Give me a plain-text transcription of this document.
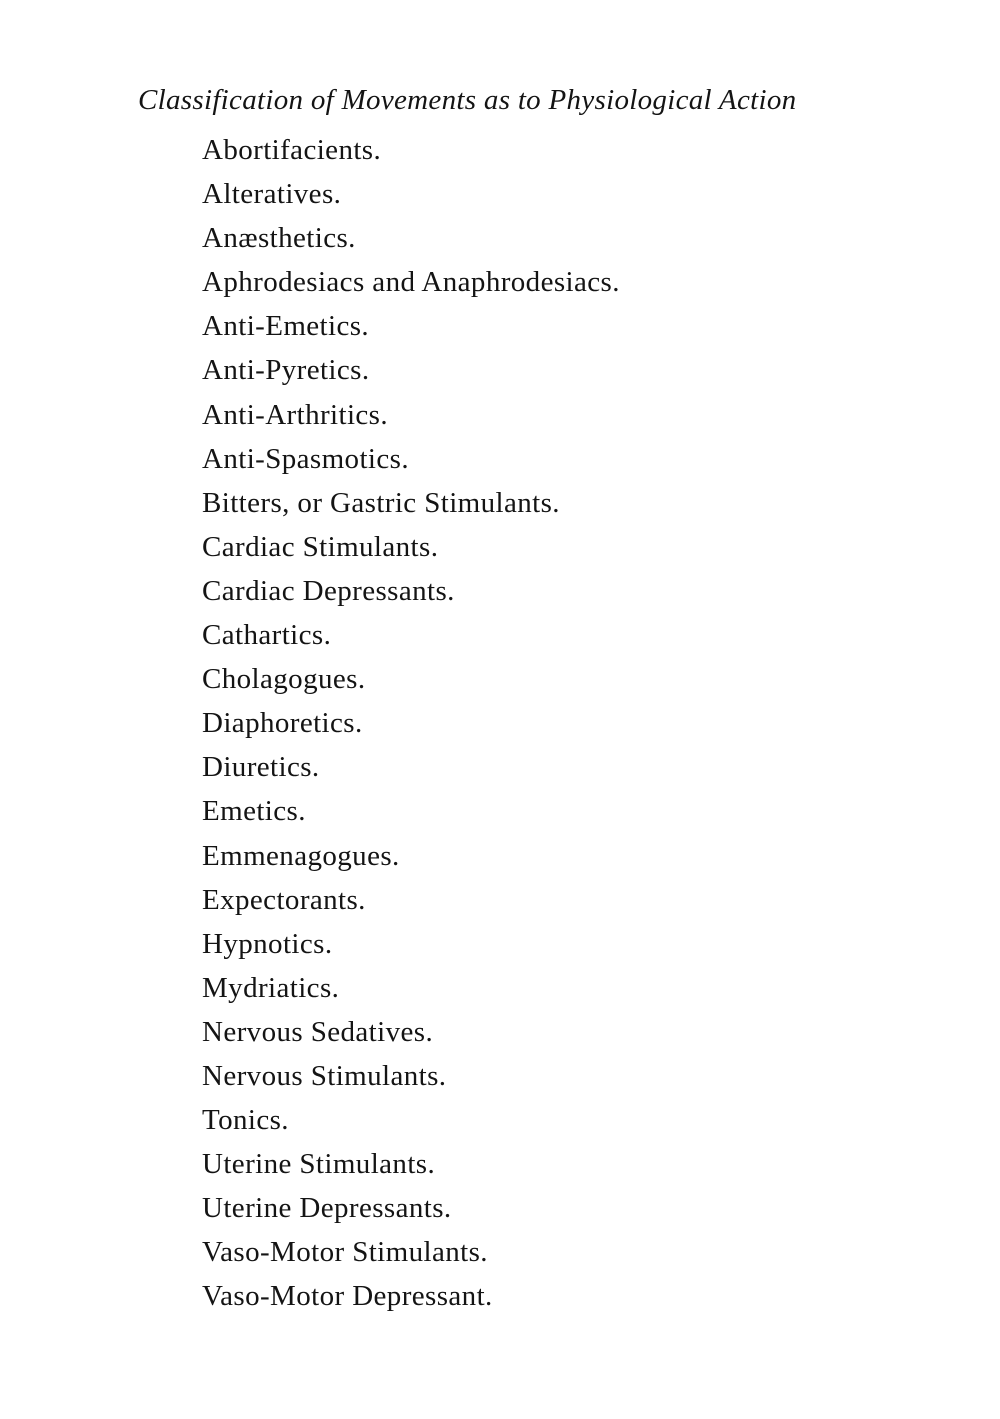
Classification of Movements as to Physiological Action
Abortifacients.
Alteratives.
Anæsthetics.
Aphrodesiacs and Anaphrodesiacs.
Anti-Emetics.
Anti-Pyretics.
Anti-Arthritics.
Anti-Spasmotics.
Bitters, or Gastric Stimulants.
Cardiac Stimulants.
Cardiac Depressants.
Cathartics.
Cholagogues.
Diaphoretics.
Diuretics.
Emetics.
Emmenagogues.
Expectorants.
Hypnotics.
Mydriatics.
Nervous Sedatives.
Nervous Stimulants.
Tonics.
Uterine Stimulants.
Uterine Depressants.
Vaso-Motor Stimulants.
Vaso-Motor Depressant.
